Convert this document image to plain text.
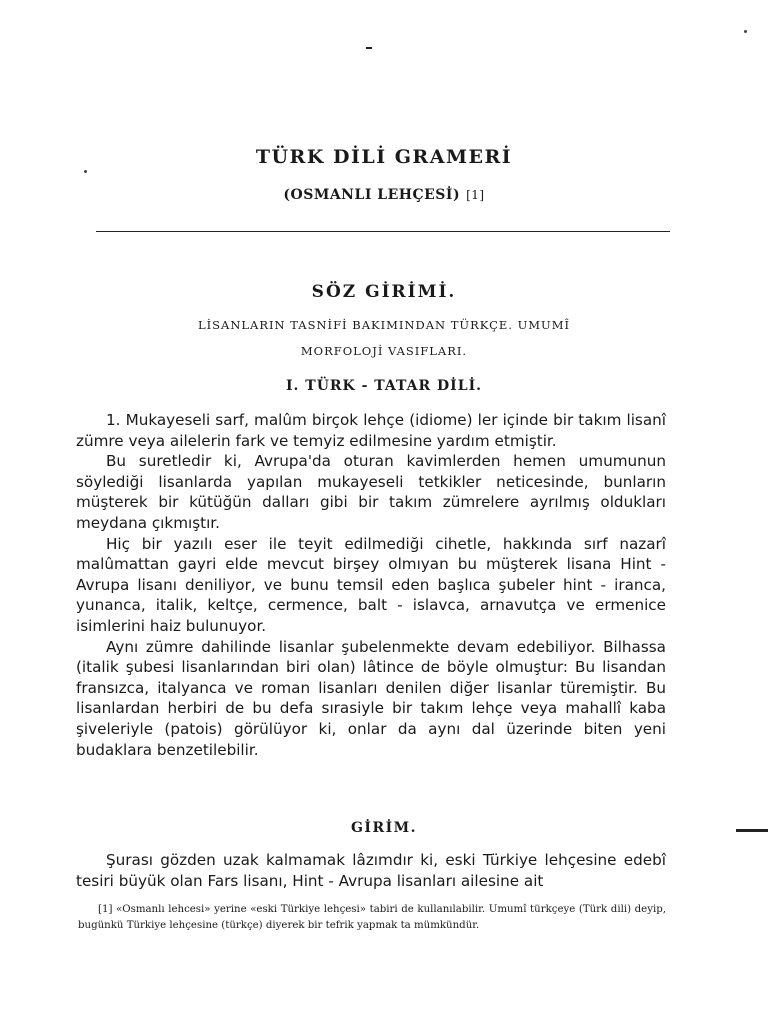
TÜRK DİLİ GRAMERİ
(OSMANLI LEHÇESİ) [1]
SÖZ GİRİMİ.
LİSANLARIN TASNİFİ BAKIMINDAN TÜRKÇE. UMUMÎ
MORFOLOJİ VASIFLARI.
I. TÜRK - TATAR DİLİ.

1. Mukayeseli sarf, malûm birçok lehçe (idiome) ler içinde bir takım lisanî zümre veya ailelerin fark ve temyiz edilmesine yardım etmiştir.

Bu suretledir ki, Avrupa'da oturan kavimlerden hemen umumunun söylediği lisanlarda yapılan mukayeseli tetkikler neticesinde, bunların müşterek bir kütüğün dalları gibi bir takım zümrelere ayrılmış oldukları meydana çıkmıştır.

Hiç bir yazılı eser ile teyit edilmediği cihetle, hakkında sırf nazarî malûmattan gayri elde mevcut birşey olmıyan bu müşterek lisana Hint - Avrupa lisanı deniliyor, ve bunu temsil eden başlıca şubeler hint - iranca, yunanca, italik, keltçe, cermence, balt - islavca, arnavutça ve ermenice isimlerini haiz bulunuyor.

Aynı zümre dahilinde lisanlar şubelenmekte devam edebiliyor. Bilhassa (italik şubesi lisanlarından biri olan) lâtince de böyle olmuştur: Bu lisandan fransızca, italyanca ve roman lisanları denilen diğer lisanlar türemiştir. Bu lisanlardan herbiri de bu defa sırasiyle bir takım lehçe veya mahallî kaba şiveleriyle (patois) görülüyor ki, onlar da aynı dal üzerinde biten yeni budaklara benzetilebilir.

GİRİM.

Şurası gözden uzak kalmamak lâzımdır ki, eski Türkiye lehçesine edebî tesiri büyük olan Fars lisanı, Hint - Avrupa lisanları ailesine ait

[1] «Osmanlı lehcesi» yerine «eski Türkiye lehçesi» tabiri de kullanılabilir. Umumî türkçeye (Türk dili) deyip, bugünkü Türkiye lehçesine (türkçe) diyerek bir tefrik yapmak ta mümkündür.
